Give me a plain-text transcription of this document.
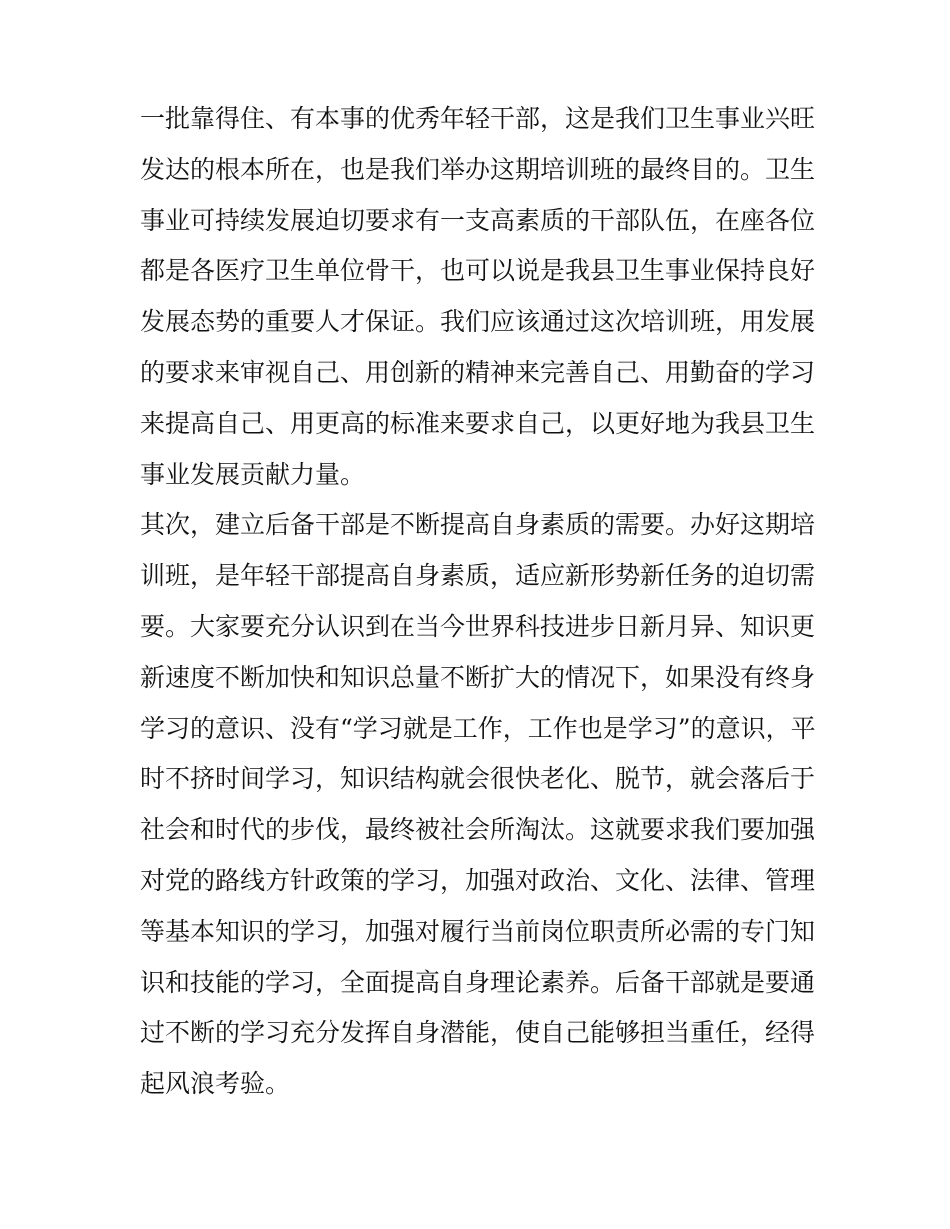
一批靠得住、有本事的优秀年轻干部，这是我们卫生事业兴旺
发达的根本所在，也是我们举办这期培训班的最终目的。卫生
事业可持续发展迫切要求有一支高素质的干部队伍，在座各位
都是各医疗卫生单位骨干，也可以说是我县卫生事业保持良好
发展态势的重要人才保证。我们应该通过这次培训班，用发展
的要求来审视自己、用创新的精神来完善自己、用勤奋的学习
来提高自己、用更高的标准来要求自己，以更好地为我县卫生
事业发展贡献力量。
其次，建立后备干部是不断提高自身素质的需要。办好这期培
训班，是年轻干部提高自身素质，适应新形势新任务的迫切需
要。大家要充分认识到在当今世界科技进步日新月异、知识更
新速度不断加快和知识总量不断扩大的情况下，如果没有终身
学习的意识、没有“学习就是工作，工作也是学习”的意识，平
时不挤时间学习，知识结构就会很快老化、脱节，就会落后于
社会和时代的步伐，最终被社会所淘汰。这就要求我们要加强
对党的路线方针政策的学习，加强对政治、文化、法律、管理
等基本知识的学习，加强对履行当前岗位职责所必需的专门知
识和技能的学习，全面提高自身理论素养。后备干部就是要通
过不断的学习充分发挥自身潜能，使自己能够担当重任，经得
起风浪考验。
